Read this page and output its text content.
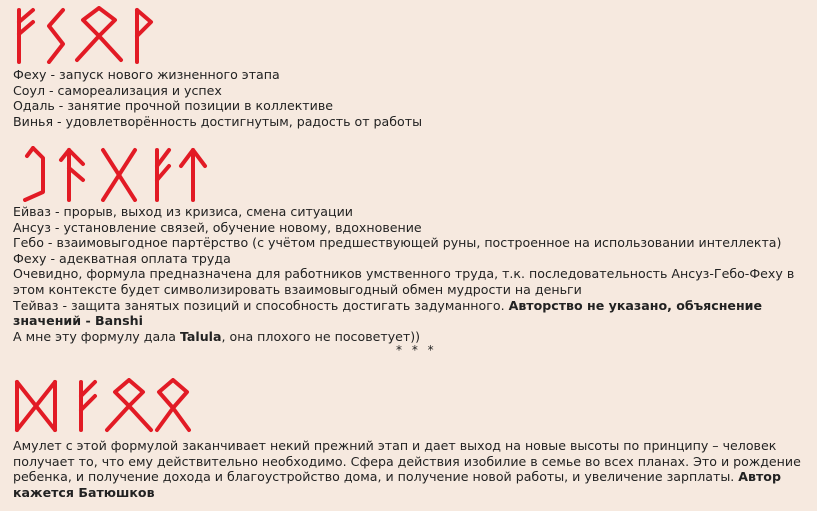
Феху - запуск нового жизненного этапа
Соул - самореализация и успех
Одаль - занятие прочной позиции в коллективе
Винья - удовлетворённость достигнутым, радость от работы
Ейваз - прорыв, выход из кризиса, смена ситуации
Ансуз - установление связей, обучение новому, вдохновение
Гебо - взаимовыгодное партёрство (с учётом предшествующей руны, построенное на использовании интеллекта)
Феху - адекватная оплата труда
Очевидно, формула предназначена для работников умственного труда, т.к. последовательность Ансуз-Гебо-Феху в этом контексте будет символизировать взаимовыгодный обмен мудрости на деньги
Тейваз - защита занятых позиций и способность достигать задуманного. Авторство не указано, объяснение значений - Banshi
А мне эту формулу дала Talula, она плохого не посоветует))
* * *
Амулет с этой формулой заканчивает некий прежний этап и дает выход на новые высоты по принципу – человек получает то, что ему действительно необходимо. Сфера действия изобилие в семье во всех планах. Это и рождение ребенка, и получение дохода и благоустройство дома, и получение новой работы, и увеличение зарплаты. Автор кажется Батюшков
